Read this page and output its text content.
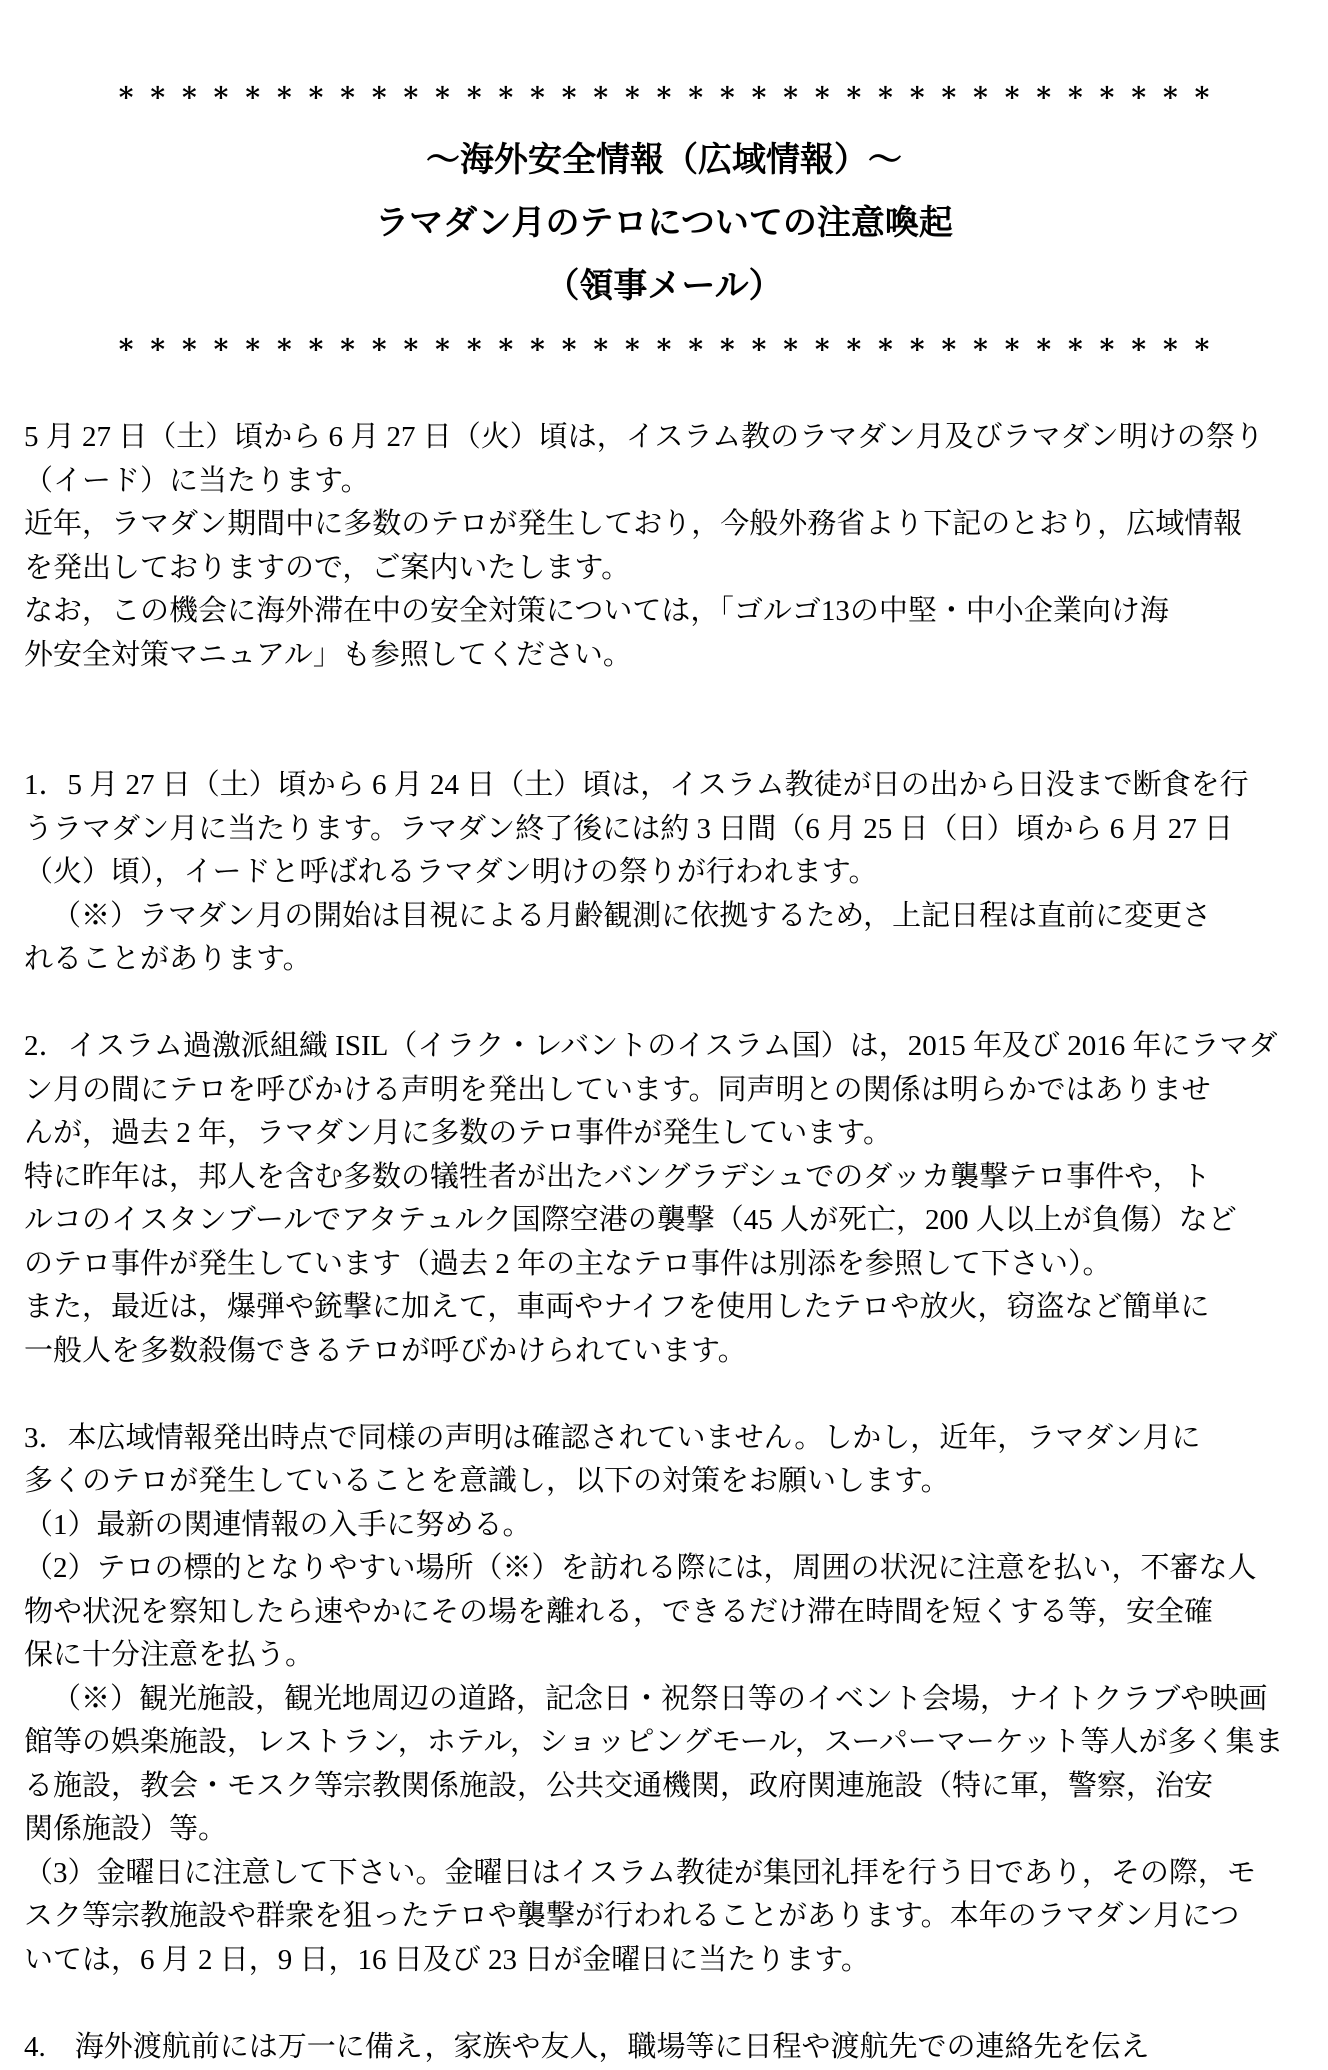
***********************************
～海外安全情報（広域情報）～
ラマダン月のテロについての注意喚起
（領事メール）
***********************************
5 月 27 日（土）頃から 6 月 27 日（火）頃は，イスラム教のラマダン月及びラマダン明けの祭り
（イード）に当たります。
近年，ラマダン期間中に多数のテロが発生しており，今般外務省より下記のとおり，広域情報
を発出しておりますので，ご案内いたします。
なお，この機会に海外滞在中の安全対策については，「ゴルゴ13の中堅・中小企業向け海
外安全対策マニュアル」も参照してください。
1．5 月 27 日（土）頃から 6 月 24 日（土）頃は，イスラム教徒が日の出から日没まで断食を行
うラマダン月に当たります。ラマダン終了後には約 3 日間（6 月 25 日（日）頃から 6 月 27 日
（火）頃），イードと呼ばれるラマダン明けの祭りが行われます。
（※）ラマダン月の開始は目視による月齢観測に依拠するため，上記日程は直前に変更さ
れることがあります。
2．イスラム過激派組織 ISIL（イラク・レバントのイスラム国）は，2015 年及び 2016 年にラマダ
ン月の間にテロを呼びかける声明を発出しています。同声明との関係は明らかではありませ
んが，過去 2 年，ラマダン月に多数のテロ事件が発生しています。
特に昨年は，邦人を含む多数の犠牲者が出たバングラデシュでのダッカ襲撃テロ事件や，ト
ルコのイスタンブールでアタテュルク国際空港の襲撃（45 人が死亡，200 人以上が負傷）など
のテロ事件が発生しています（過去 2 年の主なテロ事件は別添を参照して下さい）。
また，最近は，爆弾や銃撃に加えて，車両やナイフを使用したテロや放火，窃盗など簡単に
一般人を多数殺傷できるテロが呼びかけられています。
3．本広域情報発出時点で同様の声明は確認されていません。しかし，近年，ラマダン月に
多くのテロが発生していることを意識し，以下の対策をお願いします。
（1）最新の関連情報の入手に努める。
（2）テロの標的となりやすい場所（※）を訪れる際には，周囲の状況に注意を払い，不審な人
物や状況を察知したら速やかにその場を離れる，できるだけ滞在時間を短くする等，安全確
保に十分注意を払う。
（※）観光施設，観光地周辺の道路，記念日・祝祭日等のイベント会場，ナイトクラブや映画
館等の娯楽施設，レストラン，ホテル，ショッピングモール，スーパーマーケット等人が多く集ま
る施設，教会・モスク等宗教関係施設，公共交通機関，政府関連施設（特に軍，警察，治安
関係施設）等。
（3）金曜日に注意して下さい。金曜日はイスラム教徒が集団礼拝を行う日であり，その際，モ
スク等宗教施設や群衆を狙ったテロや襲撃が行われることがあります。本年のラマダン月につ
いては，6 月 2 日，9 日，16 日及び 23 日が金曜日に当たります。
4.　海外渡航前には万一に備え，家族や友人，職場等に日程や渡航先での連絡先を伝え
